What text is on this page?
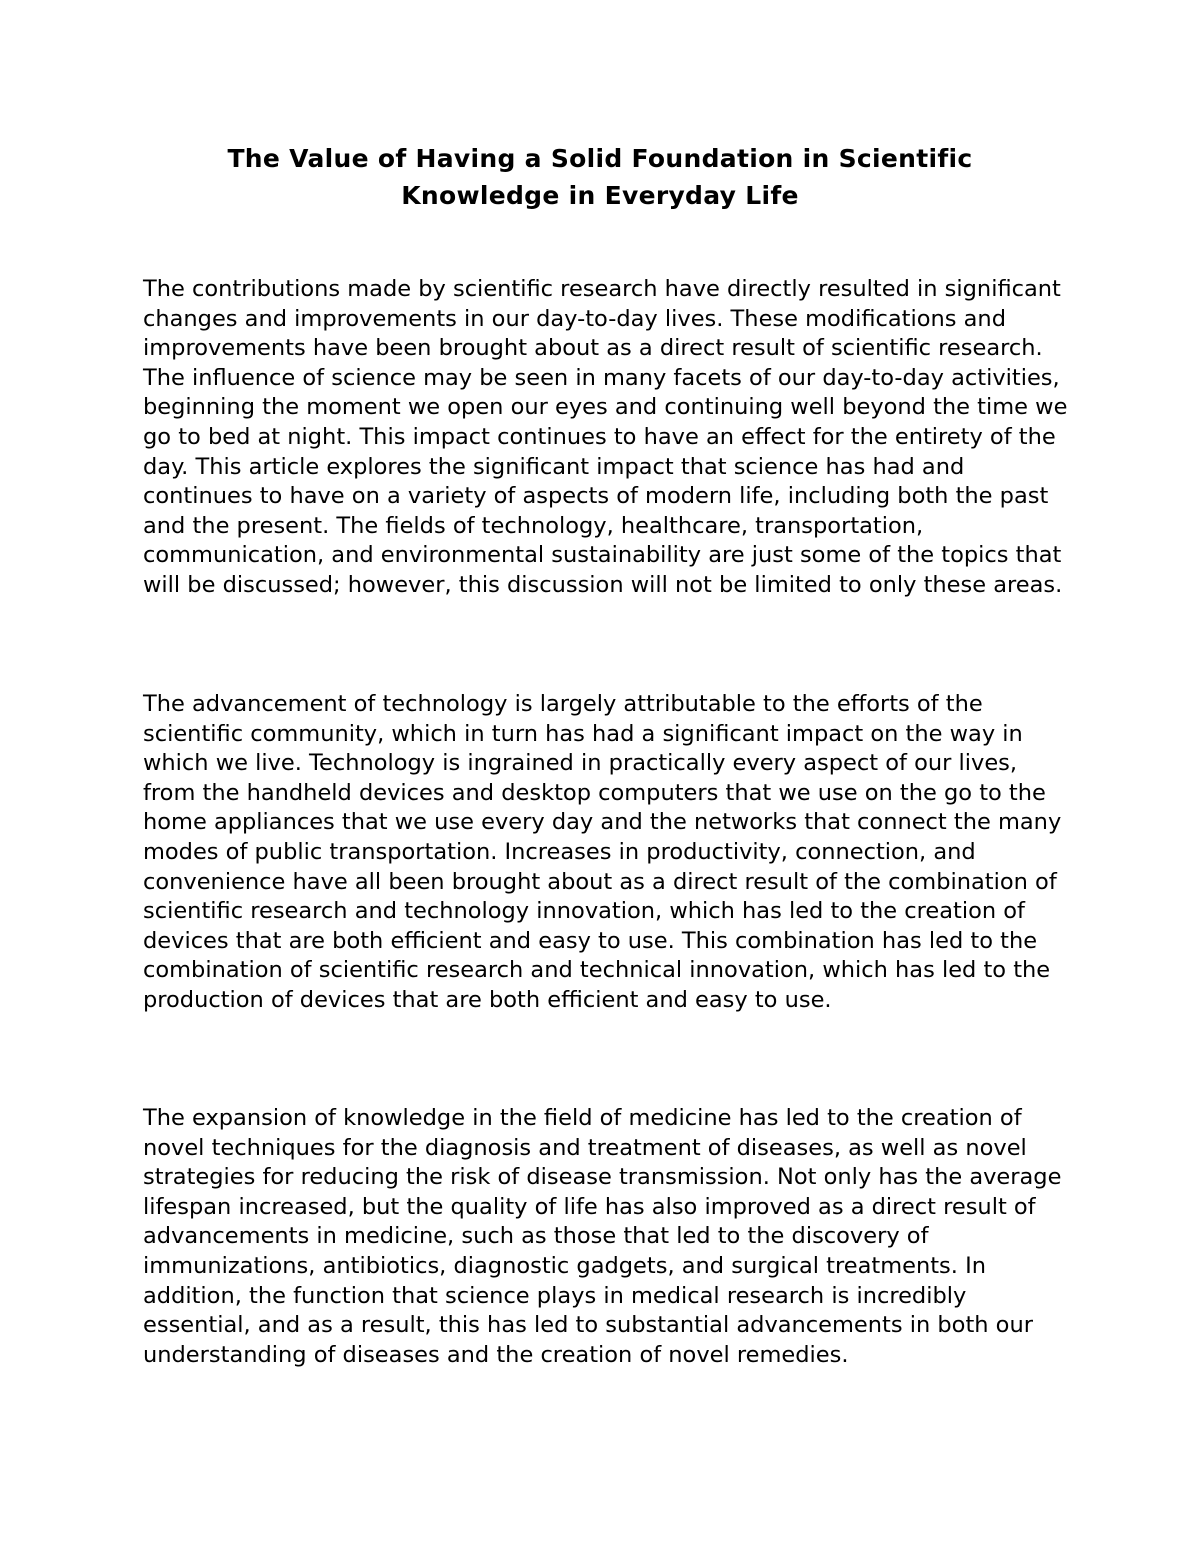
The Value of Having a Solid Foundation in Scientific
Knowledge in Everyday Life

The contributions made by scientific research have directly resulted in significant changes and improvements in our day-to-day lives. These modifications and improvements have been brought about as a direct result of scientific research. The influence of science may be seen in many facets of our day-to-day activities, beginning the moment we open our eyes and continuing well beyond the time we go to bed at night. This impact continues to have an effect for the entirety of the day. This article explores the significant impact that science has had and continues to have on a variety of aspects of modern life, including both the past and the present. The fields of technology, healthcare, transportation, communication, and environmental sustainability are just some of the topics that will be discussed; however, this discussion will not be limited to only these areas.

The advancement of technology is largely attributable to the efforts of the scientific community, which in turn has had a significant impact on the way in which we live. Technology is ingrained in practically every aspect of our lives, from the handheld devices and desktop computers that we use on the go to the home appliances that we use every day and the networks that connect the many modes of public transportation. Increases in productivity, connection, and convenience have all been brought about as a direct result of the combination of scientific research and technology innovation, which has led to the creation of devices that are both efficient and easy to use. This combination has led to the combination of scientific research and technical innovation, which has led to the production of devices that are both efficient and easy to use.

The expansion of knowledge in the field of medicine has led to the creation of novel techniques for the diagnosis and treatment of diseases, as well as novel strategies for reducing the risk of disease transmission. Not only has the average lifespan increased, but the quality of life has also improved as a direct result of advancements in medicine, such as those that led to the discovery of immunizations, antibiotics, diagnostic gadgets, and surgical treatments. In addition, the function that science plays in medical research is incredibly essential, and as a result, this has led to substantial advancements in both our understanding of diseases and the creation of novel remedies.
